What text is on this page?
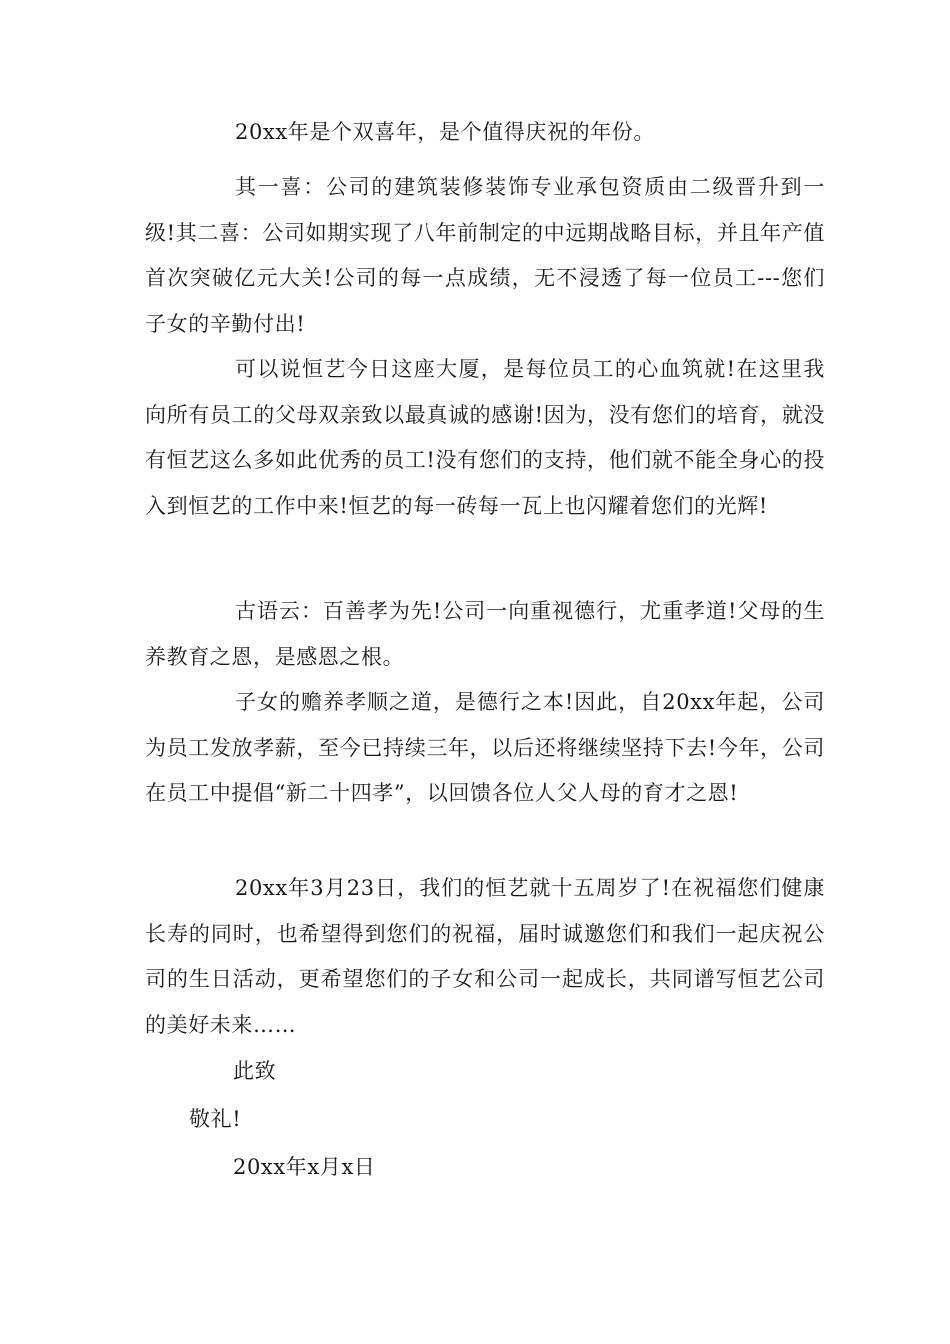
20xx年是个双喜年，是个值得庆祝的年份。

其一喜：公司的建筑装修装饰专业承包资质由二级晋升到一级!其二喜：公司如期实现了八年前制定的中远期战略目标，并且年产值首次突破亿元大关!公司的每一点成绩，无不浸透了每一位员工---您们子女的辛勤付出!

可以说恒艺今日这座大厦，是每位员工的心血筑就!在这里我向所有员工的父母双亲致以最真诚的感谢!因为，没有您们的培育，就没有恒艺这么多如此优秀的员工!没有您们的支持，他们就不能全身心的投入到恒艺的工作中来!恒艺的每一砖每一瓦上也闪耀着您们的光辉!

古语云：百善孝为先!公司一向重视德行，尤重孝道!父母的生养教育之恩，是感恩之根。

子女的赡养孝顺之道，是德行之本!因此，自20xx年起，公司为员工发放孝薪，至今已持续三年，以后还将继续坚持下去!今年，公司在员工中提倡“新二十四孝”，以回馈各位人父人母的育才之恩!

20xx年3月23日，我们的恒艺就十五周岁了!在祝福您们健康长寿的同时，也希望得到您们的祝福，届时诚邀您们和我们一起庆祝公司的生日活动，更希望您们的子女和公司一起成长，共同谱写恒艺公司的美好未来……

此致

敬礼!

20xx年x月x日
